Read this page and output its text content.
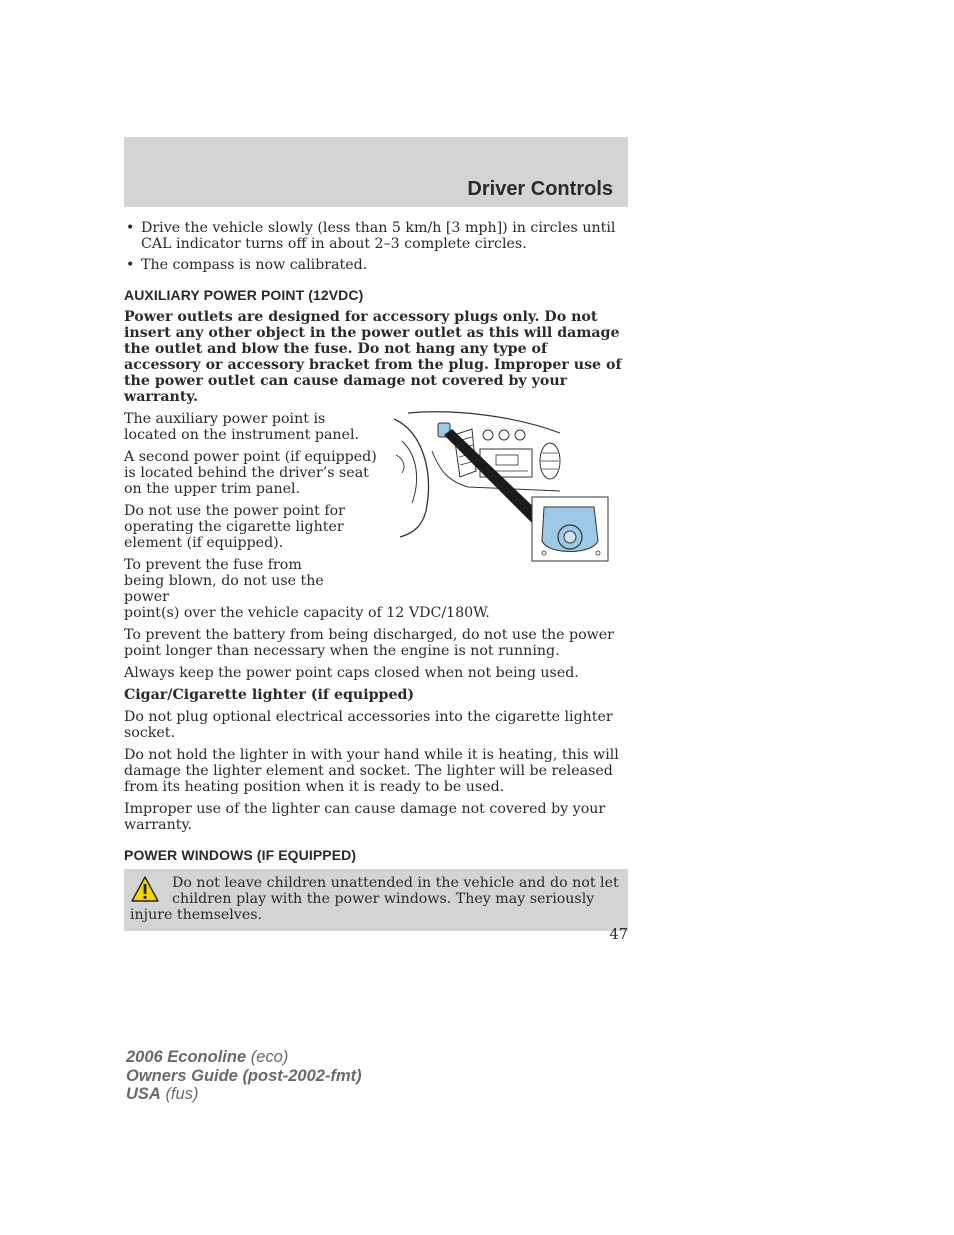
Driver Controls
• Drive the vehicle slowly (less than 5 km/h [3 mph]) in circles until CAL indicator turns off in about 2–3 complete circles.
• The compass is now calibrated.
AUXILIARY POWER POINT (12VDC)

Power outlets are designed for accessory plugs only. Do not insert any other object in the power outlet as this will damage the outlet and blow the fuse. Do not hang any type of accessory or accessory bracket from the plug. Improper use of the power outlet can cause damage not covered by your warranty.

The auxiliary power point is located on the instrument panel.

A second power point (if equipped) is located behind the driver’s seat on the upper trim panel.

Do not use the power point for operating the cigarette lighter element (if equipped).

To prevent the fuse from being blown, do not use the power
point(s) over the vehicle capacity of 12 VDC/180W.

To prevent the battery from being discharged, do not use the power point longer than necessary when the engine is not running.

Always keep the power point caps closed when not being used.

Cigar/Cigarette lighter (if equipped)

Do not plug optional electrical accessories into the cigarette lighter socket.

Do not hold the lighter in with your hand while it is heating, this will damage the lighter element and socket. The lighter will be released from its heating position when it is ready to be used.

Improper use of the lighter can cause damage not covered by your warranty.

POWER WINDOWS (IF EQUIPPED)
Do not leave children unattended in the vehicle and do not let children play with the power windows. They may seriously injure themselves.
47
2006 Econoline (eco)
Owners Guide (post-2002-fmt)
USA (fus)
